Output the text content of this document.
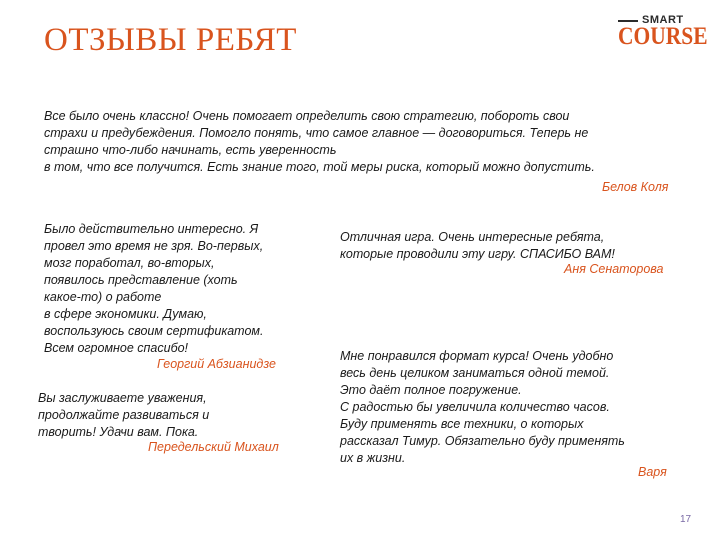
ОТЗЫВЫ РЕБЯТ
SMART
COURSE

Все было очень классно! Очень помогает определить свою стратегию, побороть свои

страхи и предубеждения. Помогло понять, что самое главное — договориться. Теперь не

страшно что-либо начинать, есть уверенность

в том, что все получится. Есть знание того, той меры риска, который можно допустить.

Белов Коля

Было действительно интересно. Я

провел это время не зря. Во-первых,

мозг поработал, во-вторых,

появилось представление (хоть

какое-то) о работе

в сфере экономики. Думаю,

воспользуюсь своим сертификатом.

Всем огромное спасибо!

Георгий Абзианидзе

Вы заслуживаете уважения,

продолжайте развиваться и

творить! Удачи вам. Пока.

Передельский Михаил

Отличная игра. Очень интересные ребята,

которые проводили эту игру. СПАСИБО ВАМ!

Аня Сенаторова

Мне понравился формат курса! Очень удобно

весь день целиком заниматься одной темой.

Это даёт полное погружение.

С радостью бы увеличила количество часов.

Буду применять все техники, о которых

рассказал Тимур. Обязательно буду применять

их в жизни.

Варя
17
